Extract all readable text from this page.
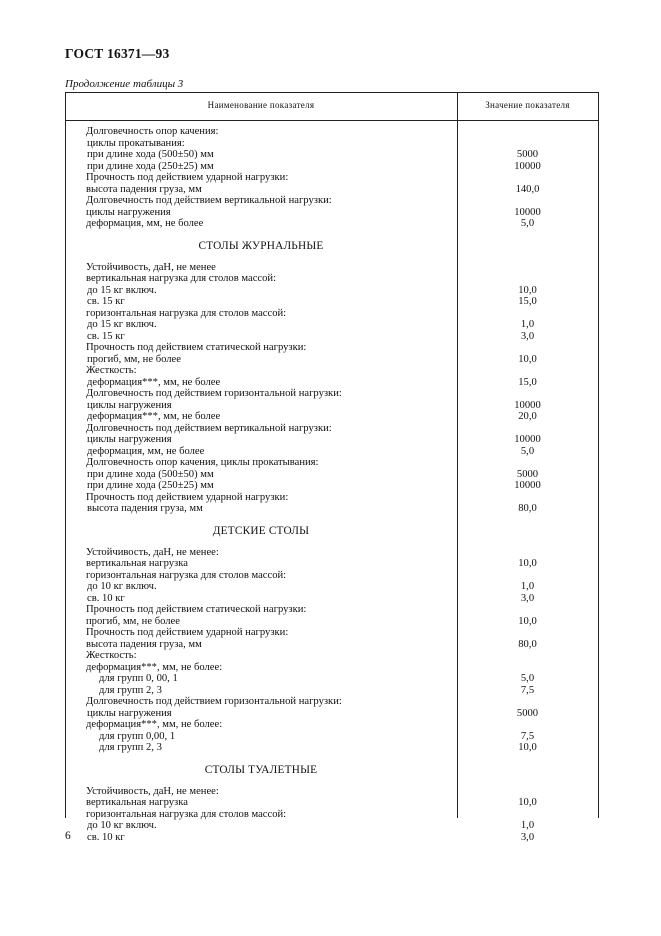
ГОСТ 16371—93
Продолжение таблицы 3
Наименование показателя	Значение показателя
Долговечность опор качения:
циклы прокатывания:
при длине хода (500±50) мм	5000
при длине хода (250±25) мм	10000
Прочность под действием ударной нагрузки:
высота падения груза, мм	140,0
Долговечность под действием вертикальной нагрузки:
циклы нагружения	10000
деформация, мм, не более	5,0
СТОЛЫ ЖУРНАЛЬНЫЕ
Устойчивость, даН, не менее
вертикальная нагрузка для столов массой:
до 15 кг включ.	10,0
св. 15 кг	15,0
горизонтальная нагрузка для столов массой:
до 15 кг включ.	1,0
св. 15 кг	3,0
Прочность под действием статической нагрузки:
прогиб, мм, не более	10,0
Жесткость:
деформация***, мм, не более	15,0
Долговечность под действием горизонтальной нагрузки:
циклы нагружения	10000
деформация***, мм, не более	20,0
Долговечность под действием вертикальной нагрузки:
циклы нагружения	10000
деформация, мм, не более	5,0
Долговечность опор качения, циклы прокатывания:
при длине хода (500±50) мм	5000
при длине хода (250±25) мм	10000
Прочность под действием ударной нагрузки:
высота падения груза, мм	80,0
ДЕТСКИЕ СТОЛЫ
Устойчивость, даН, не менее:
вертикальная нагрузка	10,0
горизонтальная нагрузка для столов массой:
до 10 кг включ.	1,0
св. 10 кг	3,0
Прочность под действием статической нагрузки:
прогиб, мм, не более	10,0
Прочность под действием ударной нагрузки:
высота падения груза, мм	80,0
Жесткость:
деформация***, мм, не более:
для групп 0, 00, 1	5,0
для групп 2, 3	7,5
Долговечность под действием горизонтальной нагрузки:
циклы нагружения	5000
деформация***, мм, не более:
для групп 0,00, 1	7,5
для групп 2, 3	10,0
СТОЛЫ ТУАЛЕТНЫЕ
Устойчивость, даН, не менее:
вертикальная нагрузка	10,0
горизонтальная нагрузка для столов массой:
до 10 кг включ.	1,0
св. 10 кг	3,0
6
